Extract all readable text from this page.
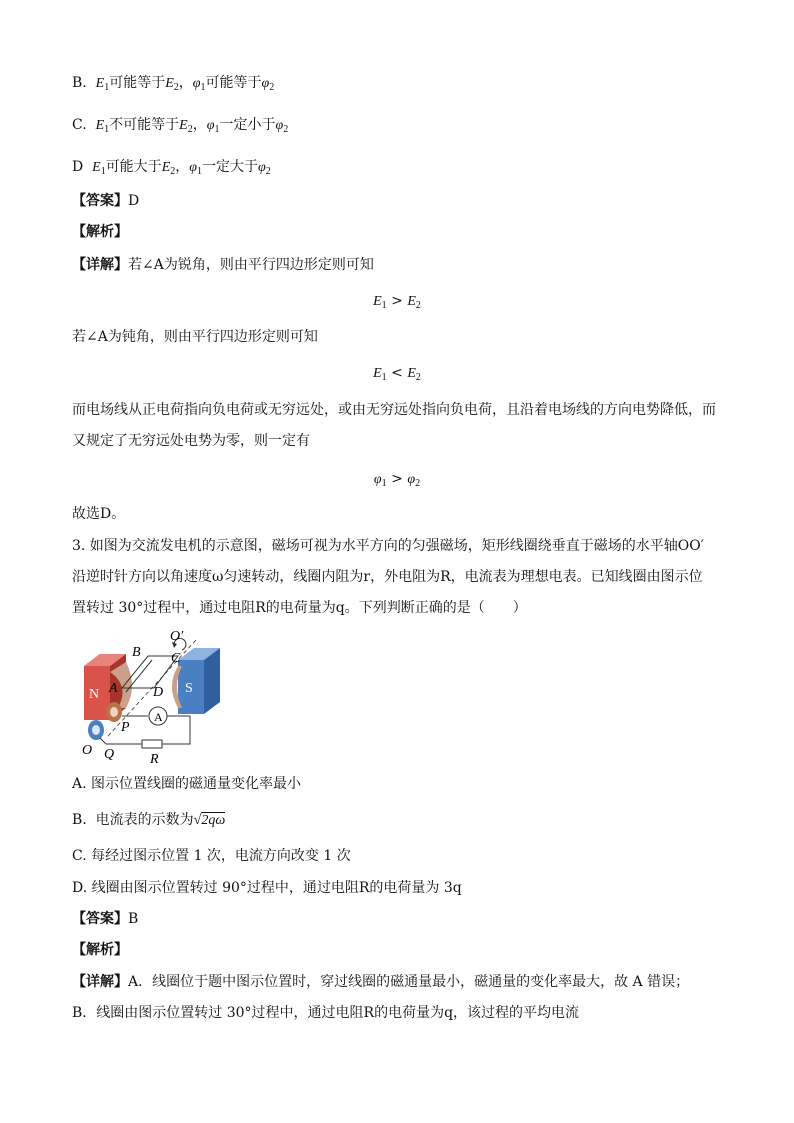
B.  $E_1$可能等于$E_2$，$\varphi_1$可能等于$\varphi_2$
C.  $E_1$不可能等于$E_2$，$\varphi_1$一定小于$\varphi_2$
D  $E_1$可能大于$E_2$，$\varphi_1$一定大于$\varphi_2$
【答案】D
【解析】
【详解】若∠A为锐角，则由平行四边形定则可知
$E_1 > E_2$
若∠A为钝角，则由平行四边形定则可知
$E_1 < E_2$
而电场线从正电荷指向负电荷或无穷远处，或由无穷远处指向负电荷，且沿着电场线的方向电势降低，而
又规定了无穷远处电势为零，则一定有
$\varphi_1 > \varphi_2$
故选D。
3. 如图为交流发电机的示意图，磁场可视为水平方向的匀强磁场，矩形线圈绕垂直于磁场的水平轴OO′
沿逆时针方向以角速度ω匀速转动，线圈内阻为r，外电阻为R，电流表为理想电表。已知线圈由图示位
置转过 30°过程中，通过电阻R的电荷量为q。下列判断正确的是（　　）
N	S
A
B
O′
C
A	D
P
O Q	R
A. 图示位置线圈的磁通量变化率最小
B.  电流表的示数为√2qω
C. 每经过图示位置 1 次，电流方向改变 1 次
D. 线圈由图示位置转过 90°过程中，通过电阻R的电荷量为 3q
【答案】B
【解析】
【详解】A．线圈位于题中图示位置时，穿过线圈的磁通量最小，磁通量的变化率最大，故 A 错误；
B．线圈由图示位置转过 30°过程中，通过电阻R的电荷量为q，该过程的平均电流
